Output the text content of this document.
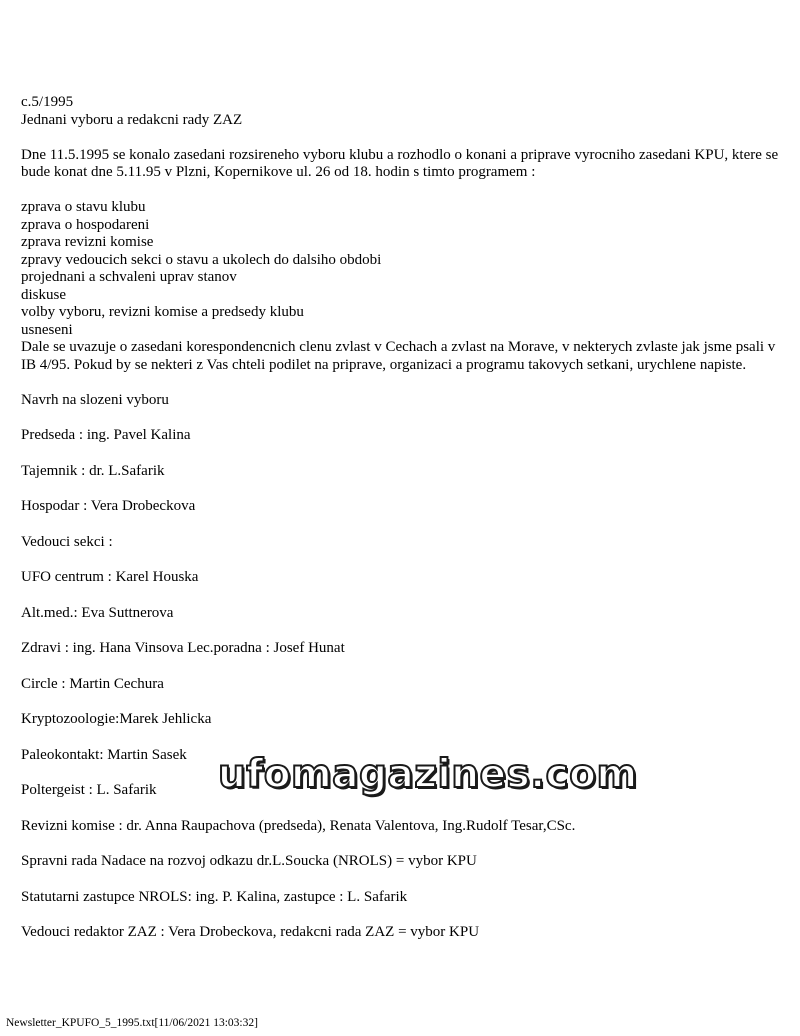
c.5/1995

Jednani vyboru a redakcni rady ZAZ

Dne 11.5.1995 se konalo zasedani rozsireneho vyboru klubu a rozhodlo o konani a priprave vyrocniho zasedani KPU, ktere se bude konat dne 5.11.95 v Plzni, Kopernikove ul. 26 od 18. hodin s timto programem :

zprava o stavu klubu

zprava o hospodareni

zprava revizni komise

zpravy vedoucich sekci o stavu a ukolech do dalsiho obdobi

projednani a schvaleni uprav stanov

diskuse

volby vyboru, revizni komise a predsedy klubu

usneseni

Dale se uvazuje o zasedani korespondencnich clenu zvlast v Cechach a zvlast na Morave, v nekterych zvlaste jak jsme psali v IB 4/95. Pokud by se nekteri z Vas chteli podilet na priprave, organizaci a programu takovych setkani, urychlene napiste.

Navrh na slozeni vyboru

Predseda : ing. Pavel Kalina

Tajemnik : dr. L.Safarik

Hospodar : Vera Drobeckova

Vedouci sekci :

UFO centrum : Karel Houska

Alt.med.: Eva Suttnerova

Zdravi : ing. Hana Vinsova Lec.poradna : Josef Hunat

Circle : Martin Cechura

Kryptozoologie:Marek Jehlicka

Paleokontakt: Martin Sasek

Poltergeist : L. Safarik

Revizni komise : dr. Anna Raupachova (predseda), Renata Valentova, Ing.Rudolf Tesar,CSc.

Spravni rada Nadace na rozvoj odkazu dr.L.Soucka (NROLS) = vybor KPU

Statutarni zastupce NROLS: ing. P. Kalina, zastupce : L. Safarik

Vedouci redaktor ZAZ : Vera Drobeckova, redakcni rada ZAZ = vybor KPU

ufomagazines.com
Newsletter_KPUFO_5_1995.txt[11/06/2021 13:03:32]
